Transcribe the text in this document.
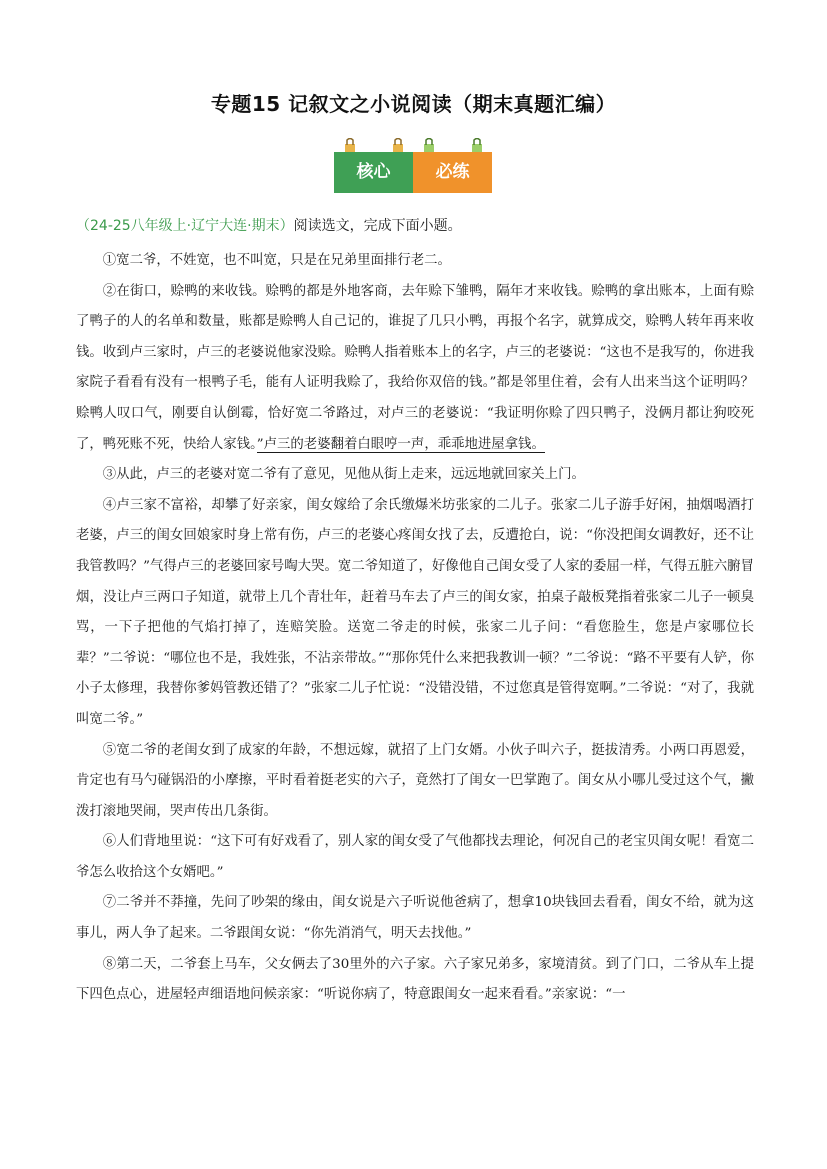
专题15 记叙文之小说阅读（期末真题汇编）
核心	必练
（24-25八年级上·辽宁大连·期末）阅读选文，完成下面小题。

①宽二爷，不姓宽，也不叫宽，只是在兄弟里面排行老二。

②在街口，赊鸭的来收钱。赊鸭的都是外地客商，去年赊下雏鸭，隔年才来收钱。赊鸭的拿出账本，上面有赊了鸭子的人的名单和数量，账都是赊鸭人自己记的，谁捉了几只小鸭，再报个名字，就算成交，赊鸭人转年再来收钱。收到卢三家时，卢三的老婆说他家没赊。赊鸭人指着账本上的名字，卢三的老婆说：“这也不是我写的，你进我家院子看看有没有一根鸭子毛，能有人证明我赊了，我给你双倍的钱。”都是邻里住着，会有人出来当这个证明吗？赊鸭人叹口气，刚要自认倒霉，恰好宽二爷路过，对卢三的老婆说：“我证明你赊了四只鸭子，没俩月都让狗咬死了，鸭死账不死，快给人家钱。”卢三的老婆翻着白眼哼一声，乖乖地进屋拿钱。

③从此，卢三的老婆对宽二爷有了意见，见他从街上走来，远远地就回家关上门。

④卢三家不富裕，却攀了好亲家，闺女嫁给了余氏缴爆米坊张家的二儿子。张家二儿子游手好闲，抽烟喝酒打老婆，卢三的闺女回娘家时身上常有伤，卢三的老婆心疼闺女找了去，反遭抢白，说：“你没把闺女调教好，还不让我管教吗？”气得卢三的老婆回家号啕大哭。宽二爷知道了，好像他自己闺女受了人家的委屈一样，气得五脏六腑冒烟，没让卢三两口子知道，就带上几个青壮年，赶着马车去了卢三的闺女家，拍桌子敲板凳指着张家二儿子一顿臭骂，一下子把他的气焰打掉了，连赔笑脸。送宽二爷走的时候，张家二儿子问：“看您脸生，您是卢家哪位长辈？”二爷说：“哪位也不是，我姓张，不沾亲带故。”“那你凭什么来把我教训一顿？”二爷说：“路不平要有人铲，你小子太修理，我替你爹妈管教还错了？”张家二儿子忙说：“没错没错，不过您真是管得宽啊。”二爷说：“对了，我就叫宽二爷。”

⑤宽二爷的老闺女到了成家的年龄，不想远嫁，就招了上门女婿。小伙子叫六子，挺拔清秀。小两口再恩爱，肯定也有马勺碰锅沿的小摩擦，平时看着挺老实的六子，竟然打了闺女一巴掌跑了。闺女从小哪儿受过这个气，撇泼打滚地哭闹，哭声传出几条街。

⑥人们背地里说：“这下可有好戏看了，别人家的闺女受了气他都找去理论，何况自己的老宝贝闺女呢！看宽二爷怎么收拾这个女婿吧。”

⑦二爷并不莽撞，先问了吵架的缘由，闺女说是六子听说他爸病了，想拿10块钱回去看看，闺女不给，就为这事儿，两人争了起来。二爷跟闺女说：“你先消消气，明天去找他。”

⑧第二天，二爷套上马车，父女俩去了30里外的六子家。六子家兄弟多，家境清贫。到了门口，二爷从车上提下四色点心，进屋轻声细语地问候亲家：“听说你病了，特意跟闺女一起来看看。”亲家说：“一
